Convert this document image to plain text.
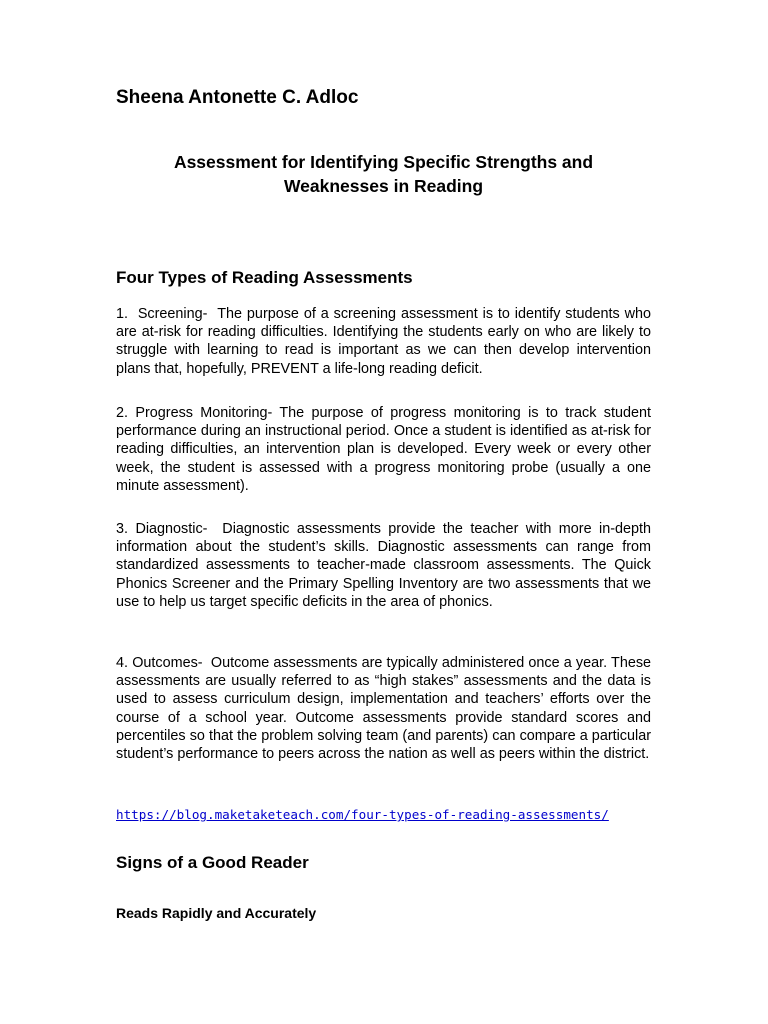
Sheena Antonette C. Adloc
Assessment for Identifying Specific Strengths and
Weaknesses in Reading
Four Types of Reading Assessments

1. Screening- The purpose of a screening assessment is to identify students who are at-risk for reading difficulties. Identifying the students early on who are likely to struggle with learning to read is important as we can then develop intervention plans that, hopefully, PREVENT a life-long reading deficit.

2. Progress Monitoring- The purpose of progress monitoring is to track student performance during an instructional period. Once a student is identified as at-risk for reading difficulties, an intervention plan is developed. Every week or every other week, the student is assessed with a progress monitoring probe (usually a one minute assessment).

3. Diagnostic- Diagnostic assessments provide the teacher with more in-depth information about the student’s skills. Diagnostic assessments can range from standardized assessments to teacher-made classroom assessments. The Quick Phonics Screener and the Primary Spelling Inventory are two assessments that we use to help us target specific deficits in the area of phonics.

4. Outcomes- Outcome assessments are typically administered once a year. These assessments are usually referred to as “high stakes” assessments and the data is used to assess curriculum design, implementation and teachers’ efforts over the course of a school year. Outcome assessments provide standard scores and percentiles so that the problem solving team (and parents) can compare a particular student’s performance to peers across the nation as well as peers within the district.

https://blog.maketaketeach.com/four-types-of-reading-assessments/
Signs of a Good Reader
Reads Rapidly and Accurately
